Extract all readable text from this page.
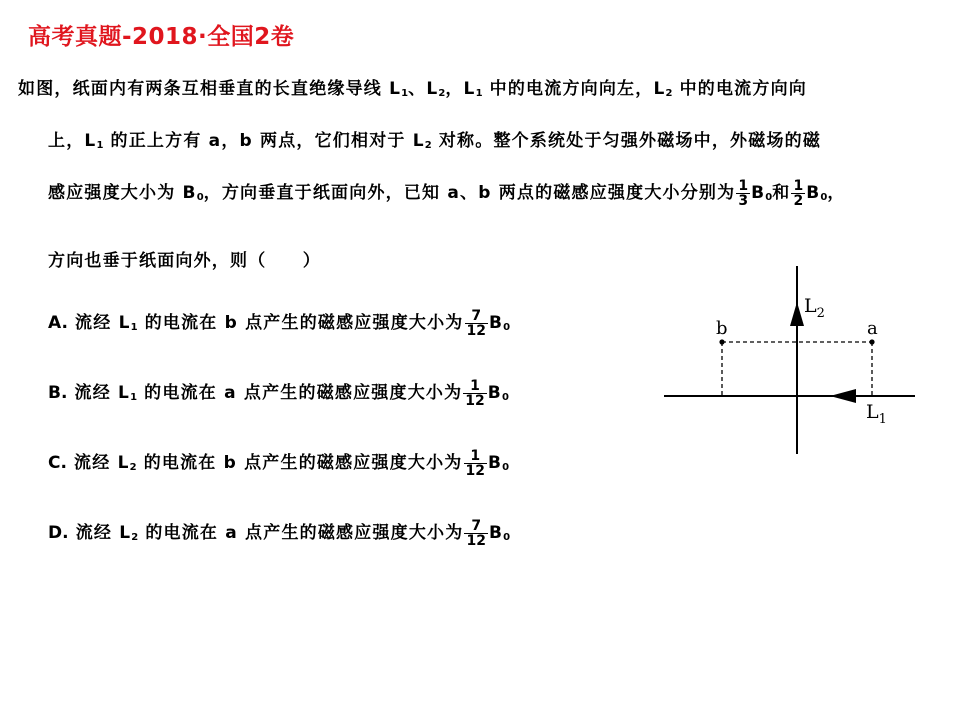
高考真题-2018·全国2卷
如图，纸面内有两条互相垂直的长直绝缘导线 L1、L2，L1 中的电流方向向左，L2 中的电流方向向
上，L1 的正上方有 a，b 两点，它们相对于 L2 对称。整个系统处于匀强外磁场中，外磁场的磁
感应强度大小为 B0，方向垂直于纸面向外，已知 a、b 两点的磁感应强度大小分别为 $\frac{1}{3} B0$和 $\frac{1}{2} B0$，
方向也垂于纸面向外，则（　　）
A. 流经 L1 的电流在 b 点产生的磁感应强度大小为 $\frac{7}{12} B0$
B. 流经 L1 的电流在 a 点产生的磁感应强度大小为 $\frac{1}{12} B0$
C. 流经 L2 的电流在 b 点产生的磁感应强度大小为 $\frac{1}{12} B0$
D. 流经 L2 的电流在 a 点产生的磁感应强度大小为 $\frac{7}{12} B0$
b	a
$L_2$
$L_1$
